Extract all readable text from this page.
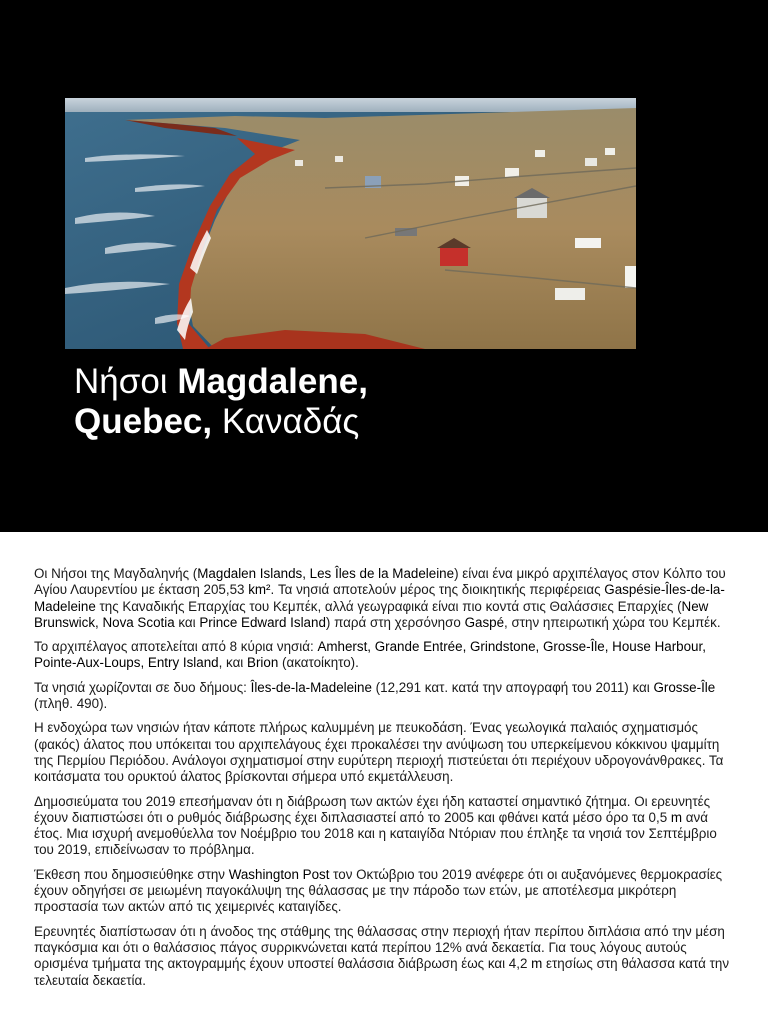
Νήσοι Magdalene,
Quebec, Καναδάς

Οι Νήσοι της Μαγδαληνής (Magdalen Islands, Les Îles de la Madeleine) είναι ένα μικρό αρχιπέλαγος στον Κόλπο του Αγίου Λαυρεντίου με έκταση 205,53 km². Τα νησιά αποτελούν μέρος της διοικητικής περιφέρειας Gaspésie-Îles-de-la-Madeleine της Καναδικής Επαρχίας του Κεμπέκ, αλλά γεωγραφικά είναι πιο κοντά στις Θαλάσσιες Επαρχίες (New Brunswick, Nova Scotia και Prince Edward Island) παρά στη χερσόνησο Gaspé, στην ηπειρωτική χώρα του Κεμπέκ.

Το αρχιπέλαγος αποτελείται από 8 κύρια νησιά: Amherst, Grande Entrée, Grindstone, Grosse-Île, House Harbour, Pointe-Aux-Loups, Entry Island, και Brion (ακατοίκητο).

Τα νησιά χωρίζονται σε δυο δήμους: Îles-de-la-Madeleine (12,291 κατ. κατά την απογραφή του 2011) και Grosse-Île (πληθ. 490).

Η ενδοχώρα των νησιών ήταν κάποτε πλήρως καλυμμένη με πευκοδάση. Ένας γεωλογικά παλαιός σχηματισμός (φακός) άλατος που υπόκειται του αρχιπελάγους έχει προκαλέσει την ανύψωση του υπερκείμενου κόκκινου ψαμμίτη της Περμίου Περιόδου. Ανάλογοι σχηματισμοί στην ευρύτερη περιοχή πιστεύεται ότι περιέχουν υδρογονάνθρακες. Τα κοιτάσματα του ορυκτού άλατος βρίσκονται σήμερα υπό εκμετάλλευση.

Δημοσιεύματα του 2019 επεσήμαναν ότι η διάβρωση των ακτών έχει ήδη καταστεί σημαντικό ζήτημα. Οι ερευνητές έχουν διαπιστώσει ότι ο ρυθμός διάβρωσης έχει διπλασιαστεί από το 2005 και φθάνει κατά μέσο όρο τα 0,5 m ανά έτος. Μια ισχυρή ανεμοθύελλα τον Νοέμβριο του 2018 και η καταιγίδα Ντόριαν που έπληξε τα νησιά τον Σεπτέμβριο του 2019, επιδείνωσαν το πρόβλημα.

Έκθεση που δημοσιεύθηκε στην Washington Post τον Οκτώβριο του 2019 ανέφερε ότι οι αυξανόμενες θερμοκρασίες έχουν οδηγήσει σε μειωμένη παγοκάλυψη της θάλασσας με την πάροδο των ετών, με αποτέλεσμα μικρότερη προστασία των ακτών από τις χειμερινές καταιγίδες.

Ερευνητές διαπίστωσαν ότι η άνοδος της στάθμης της θάλασσας στην περιοχή ήταν περίπου διπλάσια από την μέση παγκόσμια και ότι ο θαλάσσιος πάγος συρρικνώνεται κατά περίπου 12% ανά δεκαετία. Για τους λόγους αυτούς ορισμένα τμήματα της ακτογραμμής έχουν υποστεί θαλάσσια διάβρωση έως και 4,2 m ετησίως στη θάλασσα κατά την τελευταία δεκαετία.
